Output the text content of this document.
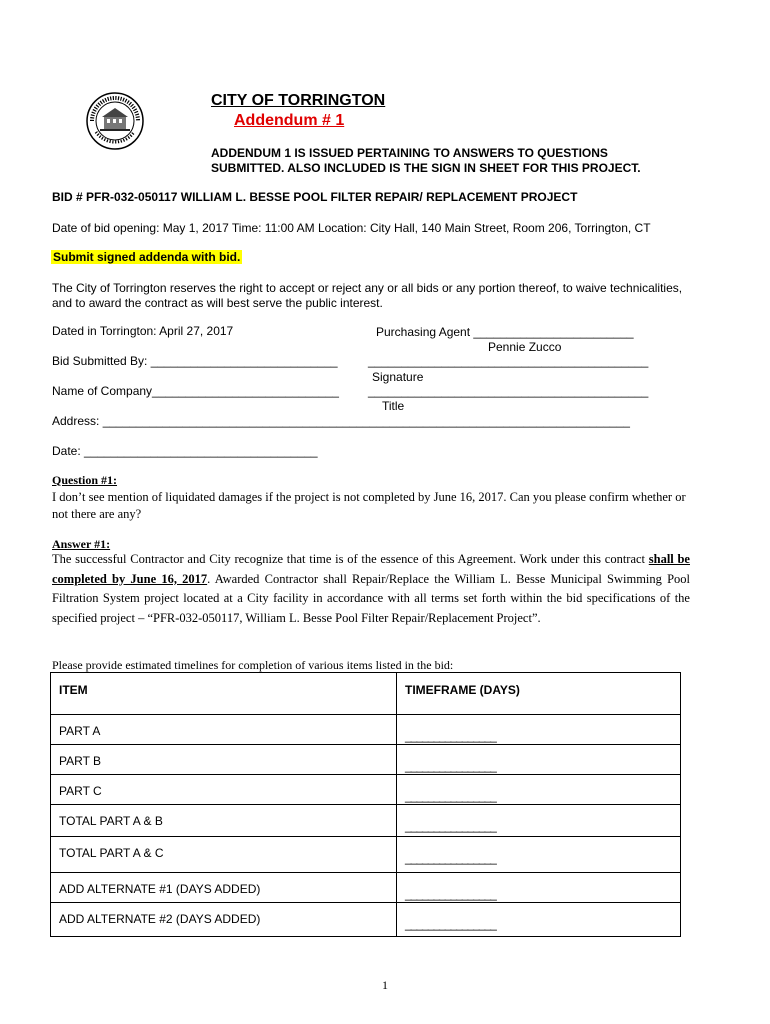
CITY OF TORRINGTON
Addendum # 1
ADDENDUM 1 IS ISSUED PERTAINING TO ANSWERS TO QUESTIONS
SUBMITTED. ALSO INCLUDED IS THE SIGN IN SHEET FOR THIS PROJECT.
BID # PFR-032-050117 WILLIAM L. BESSE POOL FILTER REPAIR/ REPLACEMENT PROJECT
Date of bid opening: May 1, 2017 Time: 11:00 AM Location: City Hall, 140 Main Street, Room 206, Torrington, CT
Submit signed addenda with bid.
The City of Torrington reserves the right to accept or reject any or all bids or any portion thereof, to waive technicalities, and to award the contract as will best serve the public interest.
Dated in Torrington: April 27, 2017	Purchasing Agent ________________________
Pennie Zucco
Bid Submitted By: ____________________________	__________________________________________
Signature
Name of Company____________________________ __________________________________________
Title
Address: _______________________________________________________________________________
Date: ___________________________________
Question #1:
I don’t see mention of liquidated damages if the project is not completed by June 16, 2017. Can you please confirm whether or not there are any?
Answer #1:
The successful Contractor and City recognize that time is of the essence of this Agreement. Work under this contract shall be completed by June 16, 2017. Awarded Contractor shall Repair/Replace the William L. Besse Municipal Swimming Pool Filtration System project located at a City facility in accordance with all terms set forth within the bid specifications of the specified project – “PFR-032-050117, William L. Besse Pool Filter Repair/Replacement Project”.
Please provide estimated timelines for completion of various items listed in the bid:
ITEM	TIMEFRAME (DAYS)
PART A	________________
PART B	________________
PART C	________________
TOTAL PART A & B	________________
TOTAL PART A & C	________________
ADD ALTERNATE #1 (DAYS ADDED)	________________
ADD ALTERNATE #2 (DAYS ADDED)	________________
1
